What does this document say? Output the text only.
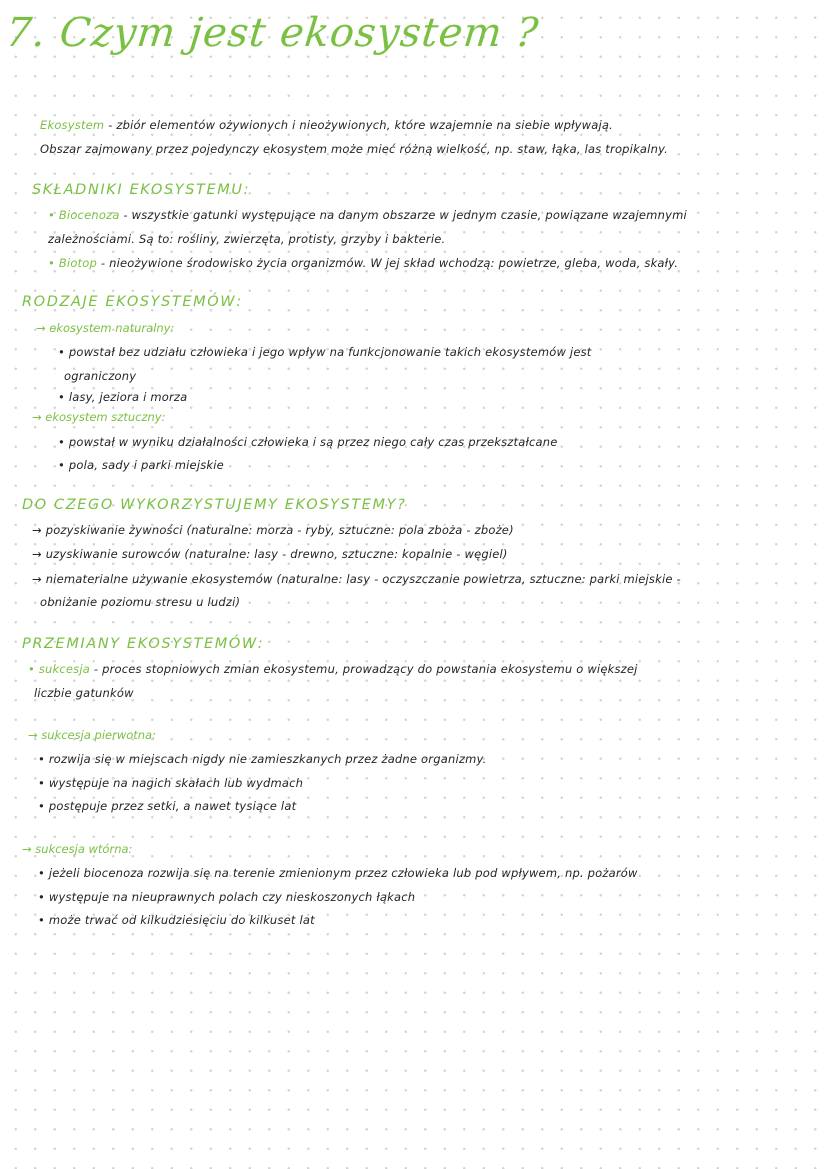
7. Czym jest ekosystem ?
Ekosystem - zbiór elementów ożywionych i nieożywionych, które wzajemnie na siebie wpływają.
Obszar zajmowany przez pojedynczy ekosystem może mieć różną wielkość, np. staw, łąka, las tropikalny.
SKŁADNIKI EKOSYSTEMU:
• Biocenoza - wszystkie gatunki występujące na danym obszarze w jednym czasie, powiązane wzajemnymi
zależnościami. Są to: rośliny, zwierzęta, protisty, grzyby i bakterie.
• Biotop - nieożywione środowisko życia organizmów. W jej skład wchodzą: powietrze, gleba, woda, skały.
RODZAJE EKOSYSTEMÓW:
→ ekosystem naturalny:
• powstał bez udziału człowieka i jego wpływ na funkcjonowanie takich ekosystemów jest
ograniczony
• lasy, jeziora i morza
→ ekosystem sztuczny:
• powstał w wyniku działalności człowieka i są przez niego cały czas przekształcane
• pola, sady i parki miejskie
DO CZEGO WYKORZYSTUJEMY EKOSYSTEMY?
→ pozyskiwanie żywności (naturalne: morza - ryby, sztuczne: pola zboża - zboże)
→ uzyskiwanie surowców (naturalne: lasy - drewno, sztuczne: kopalnie - węgiel)
→ niematerialne używanie ekosystemów (naturalne: lasy - oczyszczanie powietrza, sztuczne: parki miejskie -
obniżanie poziomu stresu u ludzi)
PRZEMIANY EKOSYSTEMÓW:
• sukcesja - proces stopniowych zmian ekosystemu, prowadzący do powstania ekosystemu o większej
liczbie gatunków
→ sukcesja pierwotna:
• rozwija się w miejscach nigdy nie zamieszkanych przez żadne organizmy.
• występuje na nagich skałach lub wydmach
• postępuje przez setki, a nawet tysiące lat
→ sukcesja wtórna:
• jeżeli biocenoza rozwija się na terenie zmienionym przez człowieka lub pod wpływem, np. pożarów
• występuje na nieuprawnych polach czy nieskoszonych łąkach
• może trwać od kilkudziesięciu do kilkuset lat
